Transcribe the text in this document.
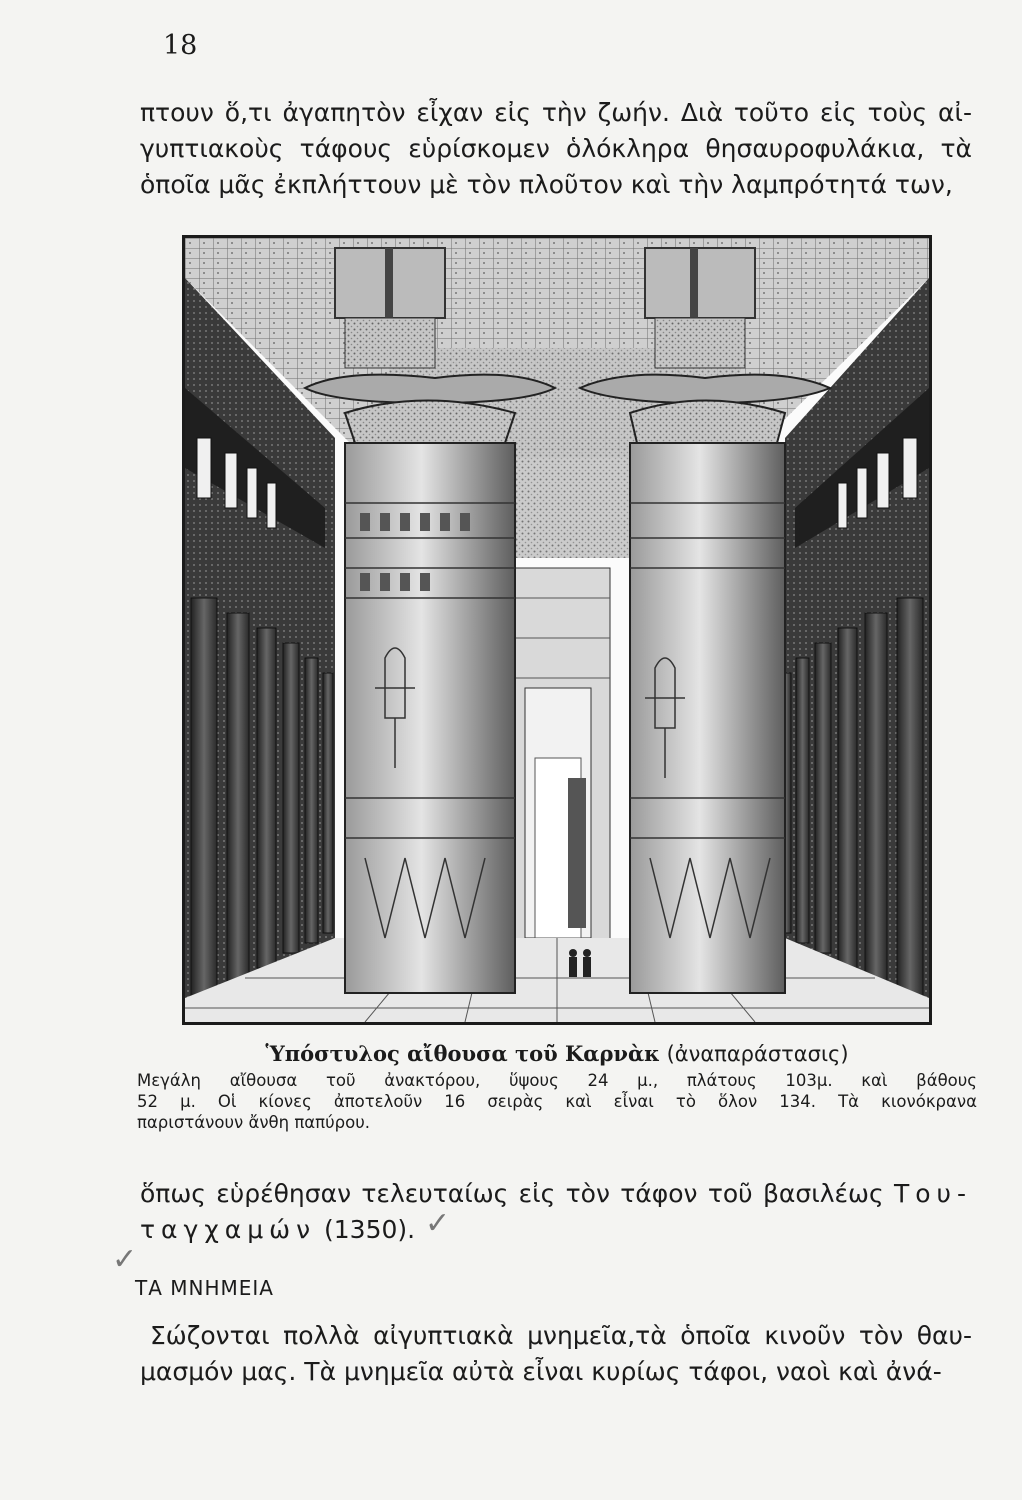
18

πτουν ὅ,τι ἀγαπητὸν εἶχαν εἰς τὴν ζωήν. Διὰ τοῦτο εἰς τοὺς αἰ-
γυπτιακοὺς τάφους εὑρίσκομεν ὁλόκληρα θησαυροφυλάκια, τὰ
ὁποῖα μᾶς ἐκπλήττουν μὲ τὸν πλοῦτον καὶ τὴν λαμπρότητά των,

Ὑπόστυλος αἴθουσα τοῦ Καρνὰκ (ἀναπαράστασις)

Μεγάλη αἴθουσα τοῦ ἀνακτόρου, ὕψους 24 μ., πλάτους 103μ. καὶ βάθους
52 μ. Οἱ κίονες ἀποτελοῦν 16 σειρὰς καὶ εἶναι τὸ ὅλον 134. Τὰ κιονόκρανα
παριστάνουν ἄνθη παπύρου.

ὅπως εὑρέθησαν τελευταίως εἰς τὸν τάφον τοῦ βασιλέως Του-
ταγχαμών (1350). ✓
✓
ΤΑ ΜΝΗΜΕΙΑ

Σώζονται πολλὰ αἰγυπτιακὰ μνημεῖα,τὰ ὁποῖα κινοῦν τὸν θαυ-
μασμόν μας. Τὰ μνημεῖα αὐτὰ εἶναι κυρίως τάφοι, ναοὶ καὶ ἀνά-
